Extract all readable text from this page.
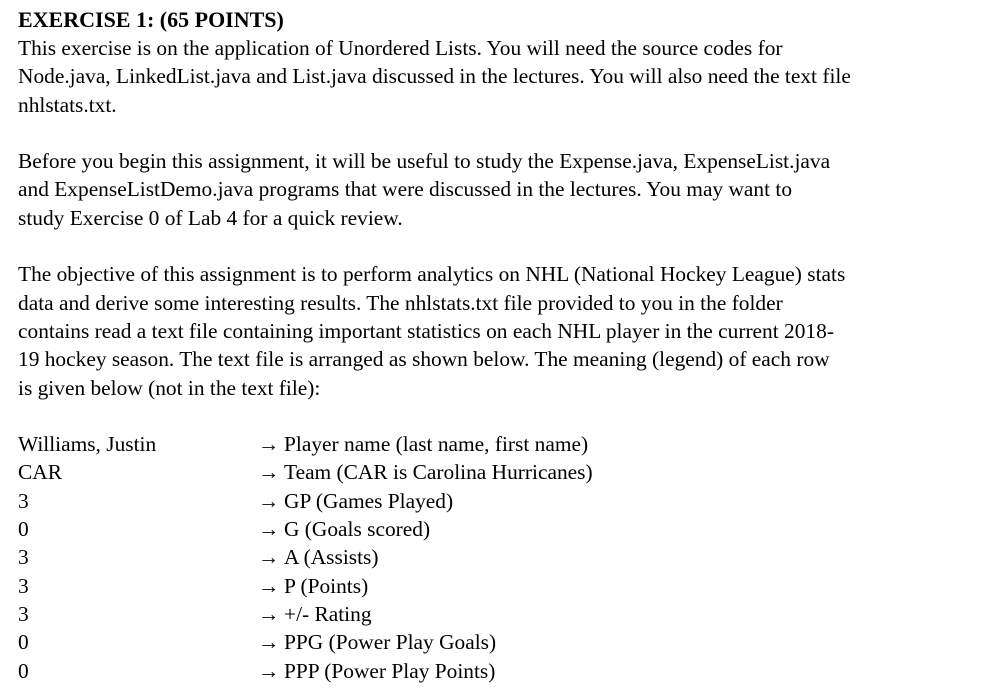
EXERCISE 1: (65 POINTS)

This exercise is on the application of Unordered Lists. You will need the source codes for
Node.java, LinkedList.java and List.java discussed in the lectures. You will also need the text file
nhlstats.txt.

Before you begin this assignment, it will be useful to study the Expense.java, ExpenseList.java
and ExpenseListDemo.java programs that were discussed in the lectures. You may want to
study Exercise 0 of Lab 4 for a quick review.

The objective of this assignment is to perform analytics on NHL (National Hockey League) stats
data and derive some interesting results. The nhlstats.txt file provided to you in the folder
contains read a text file containing important statistics on each NHL player in the current 2018-
19 hockey season. The text file is arranged as shown below. The meaning (legend) of each row
is given below (not in the text file):

Williams, Justin	→ Player name (last name, first name)
CAR	→ Team (CAR is Carolina Hurricanes)
3	→ GP (Games Played)
0	→ G (Goals scored)
3	→ A (Assists)
3	→ P (Points)
3	→ +/- Rating
0	→ PPG (Power Play Goals)
0	→ PPP (Power Play Points)
